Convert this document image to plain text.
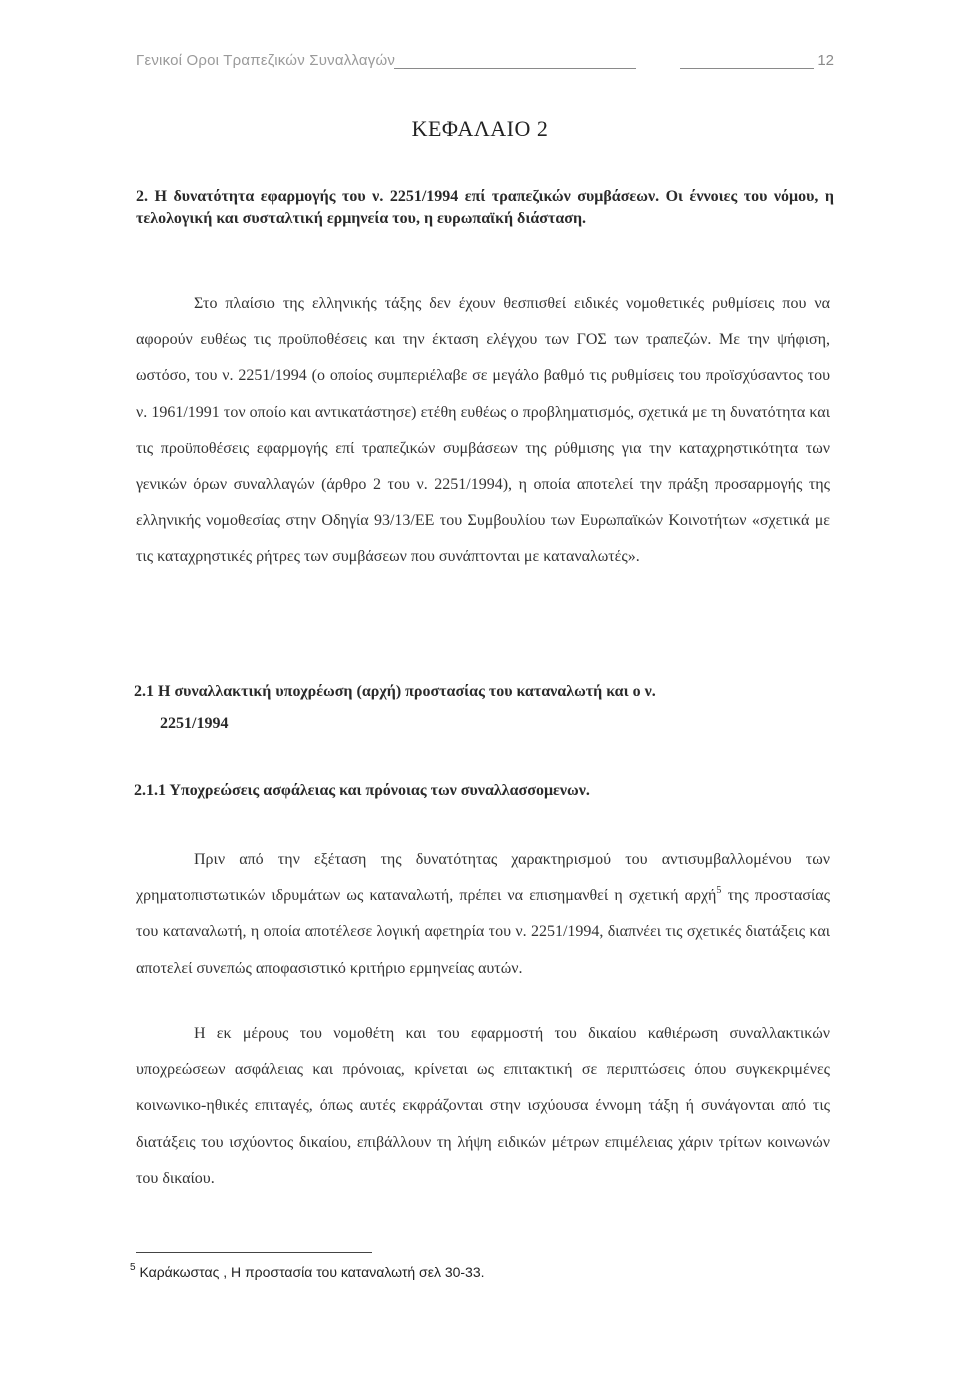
Γενικοί Οροι Τραπεζικών Συναλλαγών	12
ΚΕΦΑΛΑΙΟ 2
2. Η δυνατότητα εφαρμογής του ν. 2251/1994 επί τραπεζικών συμβάσεων. Οι έννοιες του νόμου, η τελολογική και συσταλτική ερμηνεία του, η ευρωπαϊκή διάσταση.
Στο πλαίσιο της ελληνικής τάξης δεν έχουν θεσπισθεί ειδικές νομοθετικές ρυθμίσεις που να αφορούν ευθέως τις προϋποθέσεις και την έκταση ελέγχου των ΓΟΣ των τραπεζών. Με την ψήφιση, ωστόσο, του ν. 2251/1994 (ο οποίος συμπεριέλαβε σε μεγάλο βαθμό τις ρυθμίσεις του προϊσχύσαντος του ν. 1961/1991 τον οποίο και αντικατάστησε) ετέθη ευθέως ο προβληματισμός, σχετικά με τη δυνατότητα και τις προϋποθέσεις εφαρμογής επί τραπεζικών συμβάσεων της ρύθμισης για την καταχρηστικότητα των γενικών όρων συναλλαγών (άρθρο 2 του ν. 2251/1994), η οποία αποτελεί την πράξη προσαρμογής της ελληνικής νομοθεσίας στην Οδηγία 93/13/ΕΕ του Συμβουλίου των Ευρωπαϊκών Κοινοτήτων «σχετικά με τις καταχρηστικές ρήτρες των συμβάσεων που συνάπτονται με καταναλωτές».
2.1 Η συναλλακτική υποχρέωση (αρχή) προστασίας του καταναλωτή και ο ν.
2251/1994
2.1.1 Υποχρεώσεις ασφάλειας και πρόνοιας των συναλλασσομενων.
Πριν από την εξέταση της δυνατότητας χαρακτηρισμού του αντισυμβαλλομένου των χρηματοπιστωτικών ιδρυμάτων ως καταναλωτή, πρέπει να επισημανθεί η σχετική αρχή$^5$ της προστασίας του καταναλωτή, η οποία αποτέλεσε λογική αφετηρία του ν. 2251/1994, διαπνέει τις σχετικές διατάξεις και αποτελεί συνεπώς αποφασιστικό κριτήριο ερμηνείας αυτών.
Η εκ μέρους του νομοθέτη και του εφαρμοστή του δικαίου καθιέρωση συναλλακτικών υποχρεώσεων ασφάλειας και πρόνοιας, κρίνεται ως επιτακτική σε περιπτώσεις όπου συγκεκριμένες κοινωνικο-ηθικές επιταγές, όπως αυτές εκφράζονται στην ισχύουσα έννομη τάξη ή συνάγονται από τις διατάξεις του ισχύοντος δικαίου, επιβάλλουν τη λήψη ειδικών μέτρων επιμέλειας χάριν τρίτων κοινωνών του δικαίου.
$^5$ Καράκωστας , Η προστασία του καταναλωτή σελ 30-33.
